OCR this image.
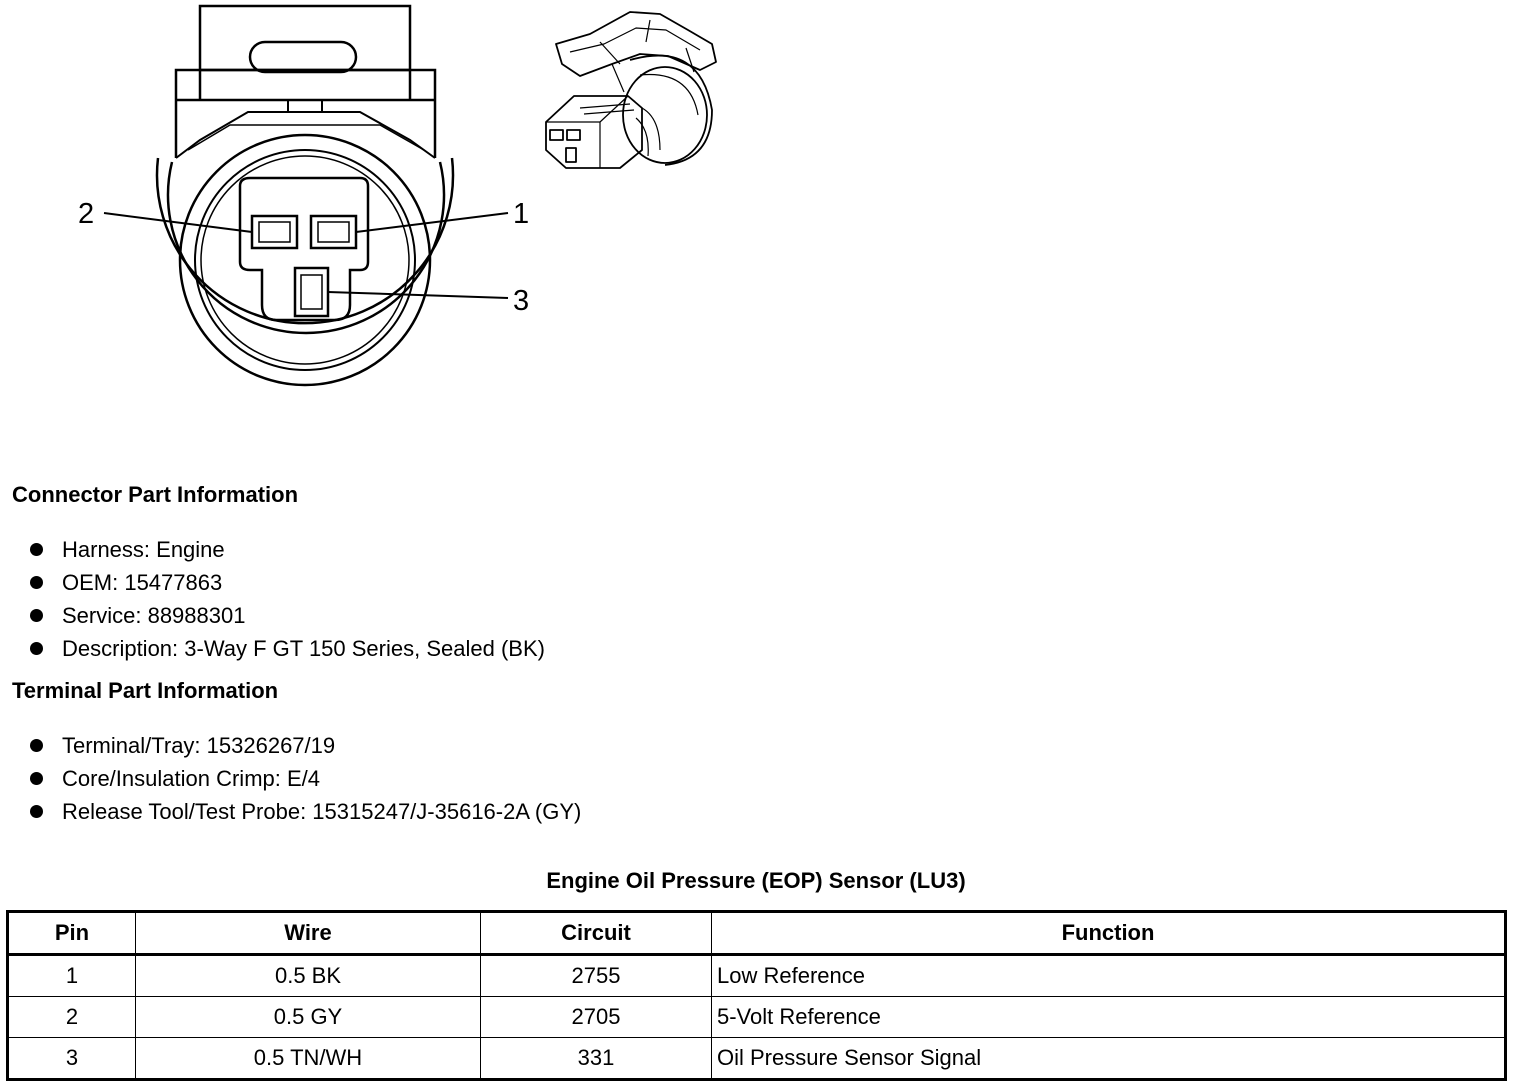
2	1
3
Connector Part Information
Harness: Engine
OEM: 15477863
Service: 88988301
Description: 3-Way F GT 150 Series, Sealed (BK)
Terminal Part Information
Terminal/Tray: 15326267/19
Core/Insulation Crimp: E/4
Release Tool/Test Probe: 15315247/J-35616-2A (GY)
Engine Oil Pressure (EOP) Sensor (LU3)
Pin	Wire	Circuit	Function
1	0.5 BK	2755	Low Reference
2	0.5 GY	2705	5-Volt Reference
3	0.5 TN/WH	331	Oil Pressure Sensor Signal
